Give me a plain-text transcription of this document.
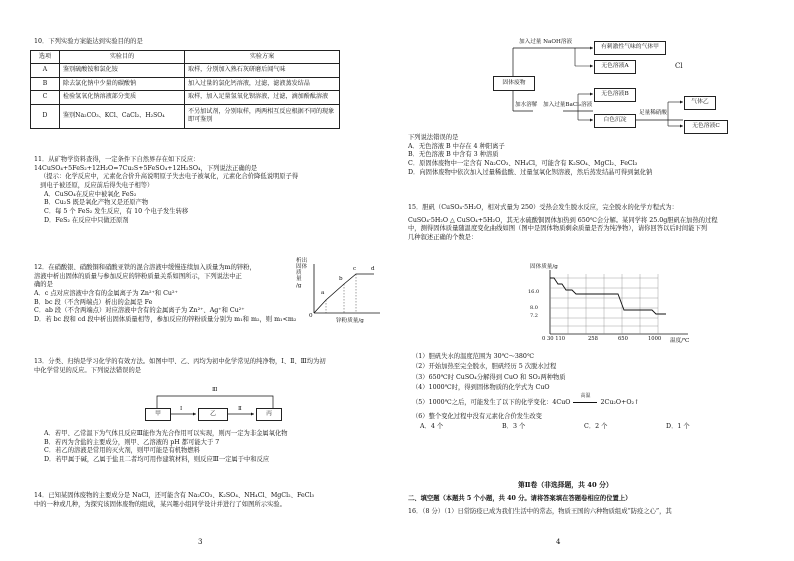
10．下列实验方案能达到实验目的的是
选项	实验目的	实验方案
A	鉴别硫酸铵和氯化铵	取样，分别加入熟石灰研磨后闻气味
B	除去氯化钠中少量的碳酸钠	加入过量的氯化钙溶液，过滤，滤液蒸发结晶
C	检验氢氧化钠溶液部分变质	取样，加入足量氢氧化钡溶液，过滤，滴加酚酞溶液
D	鉴别Na₂CO₃、KCl、CaCl₂、H₂SO₄	不另加试剂，分别取样，两两相互反应根据不同的现象即可鉴别
11．从矿物学资料查得，一定条件下自然界存在如下反应：
14CuSO₄+5FeS₂+12H₂O=7Cu₂S+5FeSO₄+12H₂SO₄，下列说法正确的是
（提示：化学反应中，元素化合价升高说明原子失去电子被氧化，元素化合价降低说明原子得
到电子被还原，反应前后得失电子相等）
A．CuSO₄在反应中被氧化 FeS₂
B．Cu₂S 既是氧化产物又是还原产物
C．每 5 个 FeS₂ 发生反应，有 10 个电子发生转移
D．FeS₂ 在反应中只做还原剂
12．在硝酸银、硝酸铜和硝酸亚铁的混合溶液中缓慢连续加入质量为m的锌粉，
溶液中析出固体的质量与参加反应的锌粉质量关系如图所示，下列说法中正
确的是
A．c 点对应溶液中含有的金属离子为 Zn²⁺和 Cu²⁺
B．bc 段（不含两端点）析出的金属是 Fe
C．ab 段（不含两端点）对应溶液中含有的金属离子为 Zn²⁺、Ag⁺和 Cu²⁺
D．若 bc 段和 cd 段中析出固体质量相等，参加反应的锌粉质量分别为 m₁和 m₂，则 m₁<m₂
析出
固体
质
量
/g
a
b
c	d
0
锌粉质量/g
13．分类、归纳是学习化学的有效方法。如图中甲、乙、丙均为初中化学常见的纯净物，Ⅰ、Ⅱ、Ⅲ均为初
中化学常见的反应。下列说法错误的是
Ⅲ
甲
Ⅰ
乙
Ⅱ
丙
A．若甲、乙常温下为气体且反应Ⅲ能作为光合作用可以实现，则丙一定为非金属氧化物
B．若丙为含盐的主要成分，则甲、乙溶液的 pH 都可能大于 7
C．若乙的溶液是常用的灭火剂，则甲可能是有机物燃料
D．若甲属于碱，乙属于盐且二者均可用作建筑材料，则反应Ⅲ一定属于中和反应
14．已知某固体废物的主要成分是 NaCl，还可能含有 Na₂CO₃、K₂SO₄、NH₄Cl、MgCl₂、FeCl₃
中的一种或几种，为探究该固体废物的组成，某兴趣小组同学设计并进行了如图所示实验。
3
固体废物
加入过量 NaOH溶液
有刺激性气味的气体甲
无色溶液A	Cl
加水溶解 加入过量BaCl₂溶液
无色溶液B
白色沉淀
足量稀硝酸
气体乙
无色溶液C
下列说法错误的是
A．无色溶液 B 中存在 4 种阳离子
B．无色溶液 B 中含有 3 种溶质
C．原固体废物中一定含有 Na₂CO₃、NH₄Cl，可能含有 K₂SO₄、MgCl₂、FeCl₃
D．向固体废物中依次加入过量稀盐酸、过量氢氧化钡溶液，然后蒸发结晶可得到氯化钠
15．胆矾（CuSO₄·5H₂O，相对式量为 250）受热会发生脱水反应，完全脱水的化学方程式为：
CuSO₄·5H₂O △ CuSO₄+5H₂O，其无水硫酸铜固体加热到 650℃会分解。某同学将 25.0g胆矾在加热的过程
中，测得固体质量随温度变化曲线如图（图中是固体物质剩余质量是否为纯净物），请你回答以后时间能下列
几种叙述正确的个数是：
固体质量/g
16.0
8.0
7.2
0 30 110	258	650	1000 温度/℃
（1）胆矾失水的温度范围为 30℃～380℃
（2）开始加热至完全脱水，胆矾经历 5 次脱水过程
（3）650℃时 CuSO₄分解得到 CuO 和 SO₂两种物质
（4）1000℃时，得到固体物质的化学式为 CuO
（5）1000℃之后，可能发生了以下的化学变化：4CuO
高温
2Cu₂O+O₂↑
（6）整个变化过程中没有元素化合价发生改变
A．4 个	B．3 个	C．2 个	D．1 个
第Ⅱ卷（非选择题，共 40 分）
二、填空题（本题共 5 个小题，共 40 分。请将答案填在答题卷相应的位置上）
16．（8 分）（1）日常防疫已成为我们生活中的常态，物质王国的六种物质组成“防疫之心”，其
4
